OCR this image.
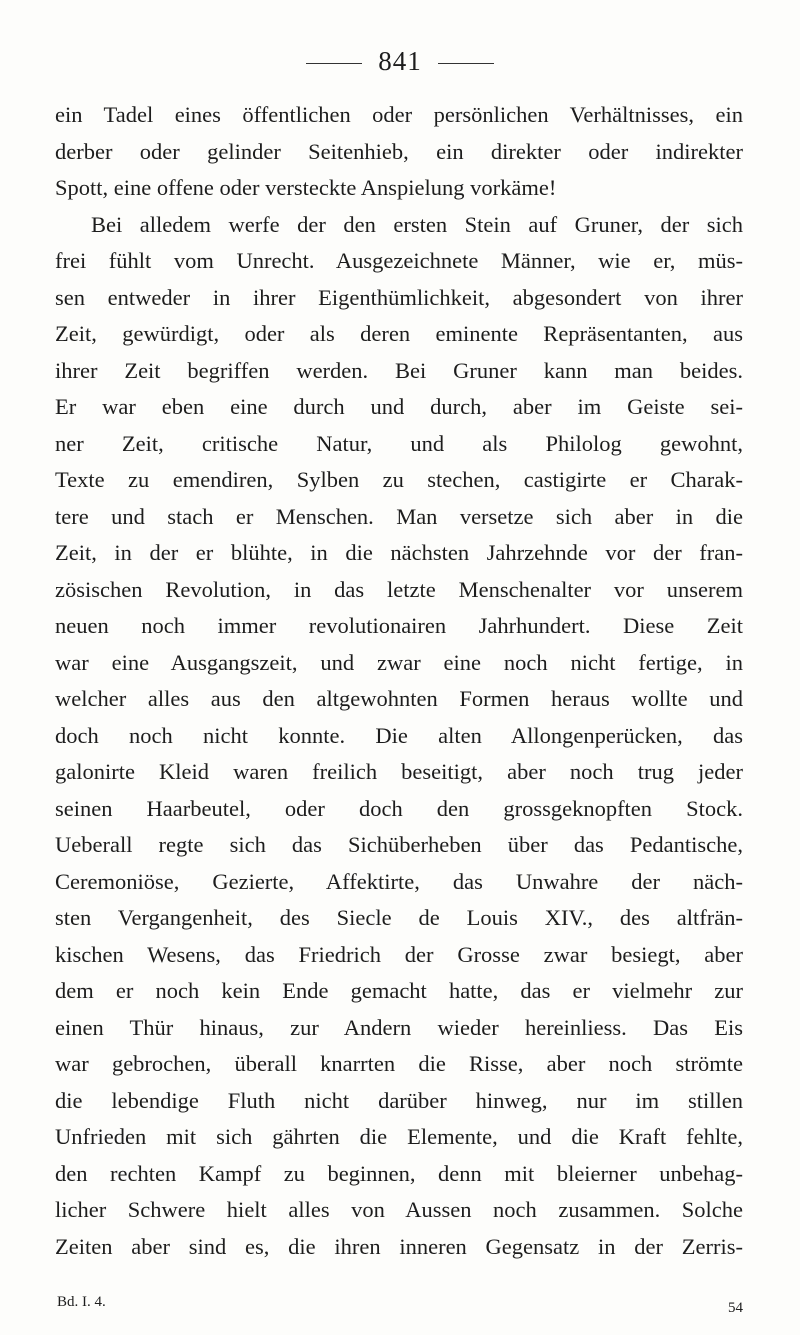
841
ein Tadel eines öffentlichen oder persönlichen Verhältnisses, ein
derber oder gelinder Seitenhieb, ein direkter oder indirekter
Spott, eine offene oder versteckte Anspielung vorkäme!
Bei alledem werfe der den ersten Stein auf Gruner, der sich
frei fühlt vom Unrecht. Ausgezeichnete Männer, wie er, müs-
sen entweder in ihrer Eigenthümlichkeit, abgesondert von ihrer
Zeit, gewürdigt, oder als deren eminente Repräsentanten, aus
ihrer Zeit begriffen werden. Bei Gruner kann man beides.
Er war eben eine durch und durch, aber im Geiste sei-
ner Zeit, critische Natur, und als Philolog gewohnt,
Texte zu emendiren, Sylben zu stechen, castigirte er Charak-
tere und stach er Menschen. Man versetze sich aber in die
Zeit, in der er blühte, in die nächsten Jahrzehnde vor der fran-
zösischen Revolution, in das letzte Menschenalter vor unserem
neuen noch immer revolutionairen Jahrhundert. Diese Zeit
war eine Ausgangszeit, und zwar eine noch nicht fertige, in
welcher alles aus den altgewohnten Formen heraus wollte und
doch noch nicht konnte. Die alten Allongenperücken, das
galonirte Kleid waren freilich beseitigt, aber noch trug jeder
seinen Haarbeutel, oder doch den grossgeknopften Stock.
Ueberall regte sich das Sichüberheben über das Pedantische,
Ceremoniöse, Gezierte, Affektirte, das Unwahre der näch-
sten Vergangenheit, des Siecle de Louis XIV., des altfrän-
kischen Wesens, das Friedrich der Grosse zwar besiegt, aber
dem er noch kein Ende gemacht hatte, das er vielmehr zur
einen Thür hinaus, zur Andern wieder hereinliess. Das Eis
war gebrochen, überall knarrten die Risse, aber noch strömte
die lebendige Fluth nicht darüber hinweg, nur im stillen
Unfrieden mit sich gährten die Elemente, und die Kraft fehlte,
den rechten Kampf zu beginnen, denn mit bleierner unbehag-
licher Schwere hielt alles von Aussen noch zusammen. Solche
Zeiten aber sind es, die ihren inneren Gegensatz in der Zerris-
Bd. I. 4.	54
